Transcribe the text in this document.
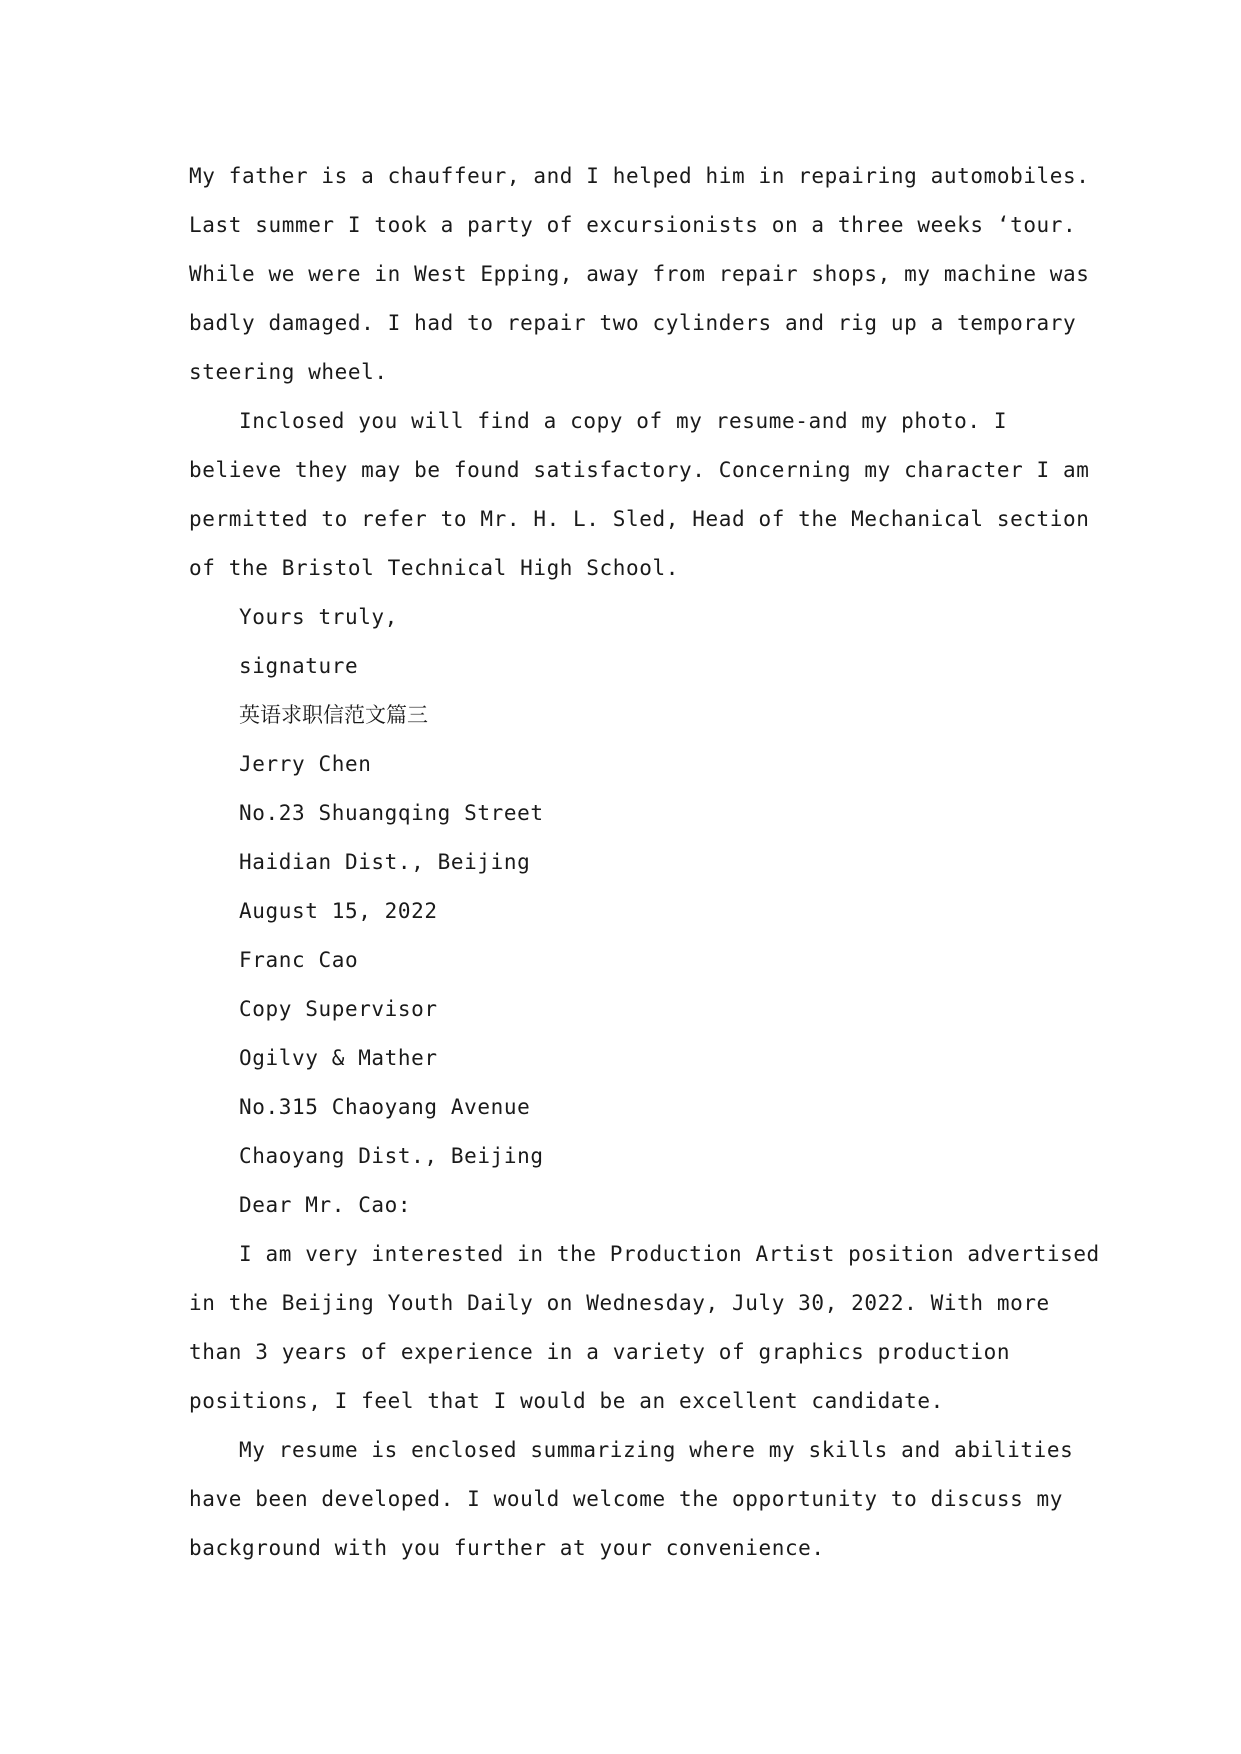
My father is a chauffeur, and I helped him in repairing automobiles.
Last summer I took a party of excursionists on a three weeks ‘tour.
While we were in West Epping, away from repair shops, my machine was
badly damaged. I had to repair two cylinders and rig up a temporary
steering wheel.
Inclosed you will find a copy of my resume-and my photo. I
believe they may be found satisfactory. Concerning my character I am
permitted to refer to Mr. H. L. Sled, Head of the Mechanical section
of the Bristol Technical High School.
Yours truly,
signature
英语求职信范文篇三
Jerry Chen
No.23 Shuangqing Street
Haidian Dist., Beijing
August 15, 2022
Franc Cao
Copy Supervisor
Ogilvy & Mather
No.315 Chaoyang Avenue
Chaoyang Dist., Beijing
Dear Mr. Cao:
I am very interested in the Production Artist position advertised
in the Beijing Youth Daily on Wednesday, July 30, 2022. With more
than 3 years of experience in a variety of graphics production
positions, I feel that I would be an excellent candidate.
My resume is enclosed summarizing where my skills and abilities
have been developed. I would welcome the opportunity to discuss my
background with you further at your convenience.
